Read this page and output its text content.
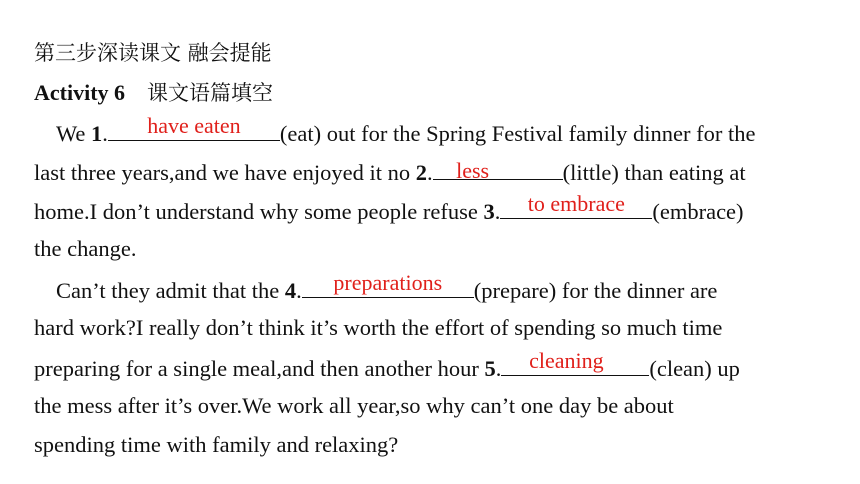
第三步深读课文 融会提能
Activity 6 课文语篇填空
We 1.	have eaten	(eat) out for the Spring Festival family dinner for the
last three years,and we have enjoyed it no 2.	less	(little) than eating at
home.I don’t understand why some people refuse 3.	to embrace	(embrace)
the change.
Can’t they admit that the 4.	preparations	(prepare) for the dinner are
hard work?I really don’t think it’s worth the effort of spending so much time
preparing for a single meal,and then another hour 5.	cleaning	(clean) up
the mess after it’s over.We work all year,so why can’t one day be about
spending time with family and relaxing?
